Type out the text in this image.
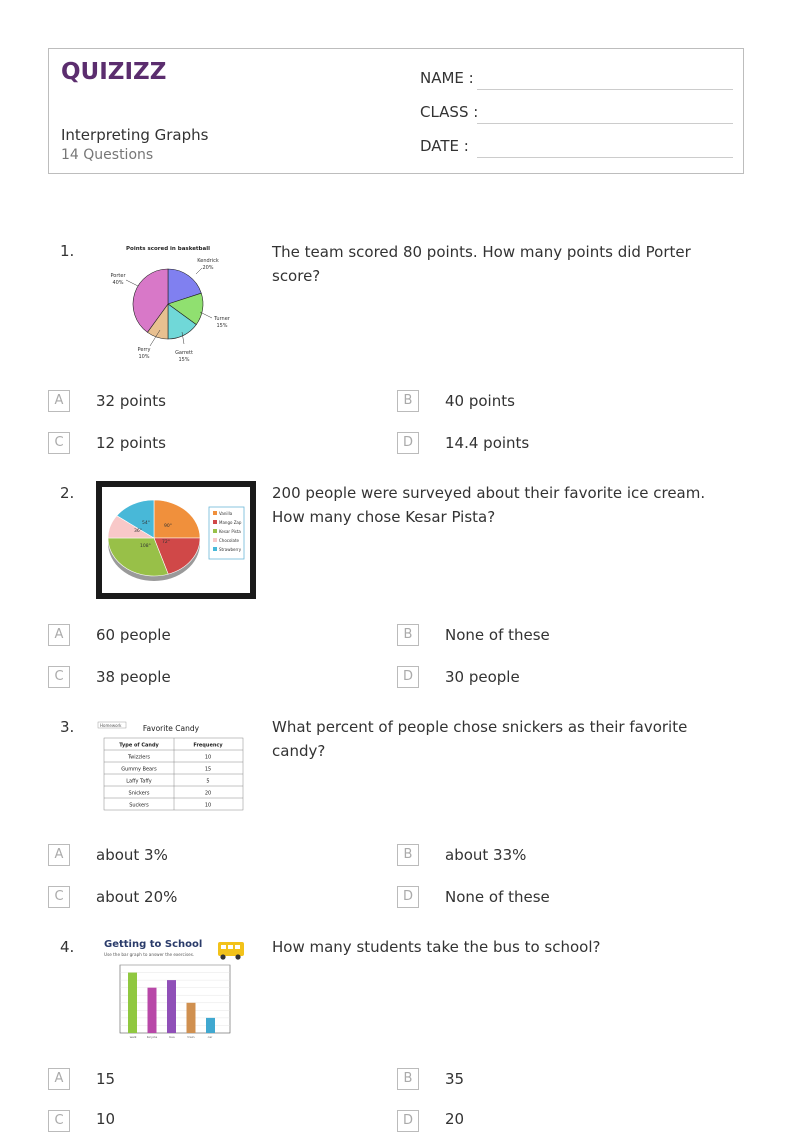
QUIZIZZ
Interpreting Graphs
14 Questions
NAME :
CLASS :
DATE :
1.	Points scored in basketball
Kendrick
20%
Turner
15%
Garrett
15%
Perry
10%
Porter
40%
The team scored 80 points. How many points did Porter score?
A	32 points	B	40 points
C	12 points	D	14.4 points
2.
90°
72°
108°
36°
54°
Vanilla
Mango Zap
Kesar Pista
Chocolate
Strawberry
200 people were surveyed about their favorite ice cream. How many chose Kesar Pista?
A	60 people	B	None of these
C	38 people	D	30 people
3.	Homework	Favorite Candy
Type of Candy	Frequency
Twizzlers	10
Gummy Bears	15
Laffy Taffy	5
Snickers	20
Suckers	10
What percent of people chose snickers as their favorite candy?
A	about 3%	B	about 33%
C	about 20%	D	None of these
4.	Getting to School
Use the bar graph to answer the exercises.
walk	bicycle	bus	train	car
How many students take the bus to school?
A	15	B	35
C	10	D	20
